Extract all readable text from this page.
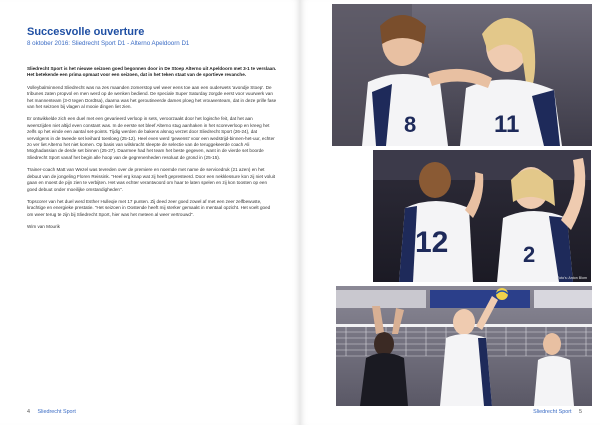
Succesvolle ouverture
8 oktober 2016: Sliedrecht Sport D1 - Alterno Apeldoorn D1

Sliedrecht Sport is het nieuwe seizoen goed begonnen door in De Stoep Alterno uit Apeldoorn met 3-1 te verslaan. Het betekende een prima opmaat voor een seizoen, dat in het teken staat van de sportieve revanche.

Volleybalminnend Sliedrecht was na zes maanden zomerstop wel weer eens toe aan een ouderwets 'avondje Stoep'. De tribunes zaten propvol en men werd op de wenken bediend. De speciale Super Saturday zorgde eerst voor vuurwerk van het mannenteam (3-0 tegen Dordtsa), daarna was het geroutineerde dames ploeg het vrouwenteam, dat in deze prille fase van het seizoen bij vlagen al mooie dingen liet zien.

Er ontwikkelde zich een duel met een gevarieerd verloop in sets, veroorzaakt door het logische feit, dat het aan weerszijden niet altijd even constant was. In de eerste set bleef Alterno stug aanhaken in het scoreverloop en kreeg het zelfs op het einde een aantal set-points. Tijdig werden de bakens alsnog verzet door Sliedrecht Sport (26-24), dat vervolgens in de tweede set keihard toesloeg (25-12). Heel even werd 'gewenst' voor een wedstrijd-binnen-het-uur, echter zo ver liet Alterno het niet komen. Op basis van wilskracht sleepte de selectie van de teruggekeerde coach Ali Moghadassian de derde set binnen (25-27). Daarmee had het team het beste gegeven, want in de vierde set boorde Sliedrecht Sport vanaf het begin alle hoop van de gegrenenheden resoluut de grond in (25-15).

Trainer-coach Matt van Wezel was tevreden over de premiere en noemde met name de servicedruk (21 azen) en het debuut van de jongeling Floren Reissink. "Heel erg knap wat zij heeft gepresteerd. Door een nekklessure kon zij niet voluit gaan en moest de pijn zien te verbijten. Het was echter verantwoord om haar te laten spelen en zij kon toosten op een goed debuut onder moeilijke omstandigheden".

Topscorer van het duel werd Esther Hulleqie met 17 punten. Zij deed zeer goed zowel af met een zeer zelfbewuste, krachtige en energieke prestatie. "Het seizoen in Oostende heeft mij sterker gemaakt in mentaal opzicht. Het voelt goed om weer terug te zijn bij Sliedrecht Sport, hier was het meteen al weer vertrouwd".

Wim van Mourik

4 Sliedrecht Sport
8	11
12	2
Foto's: Anton Blom
Sliedrecht Sport 5
